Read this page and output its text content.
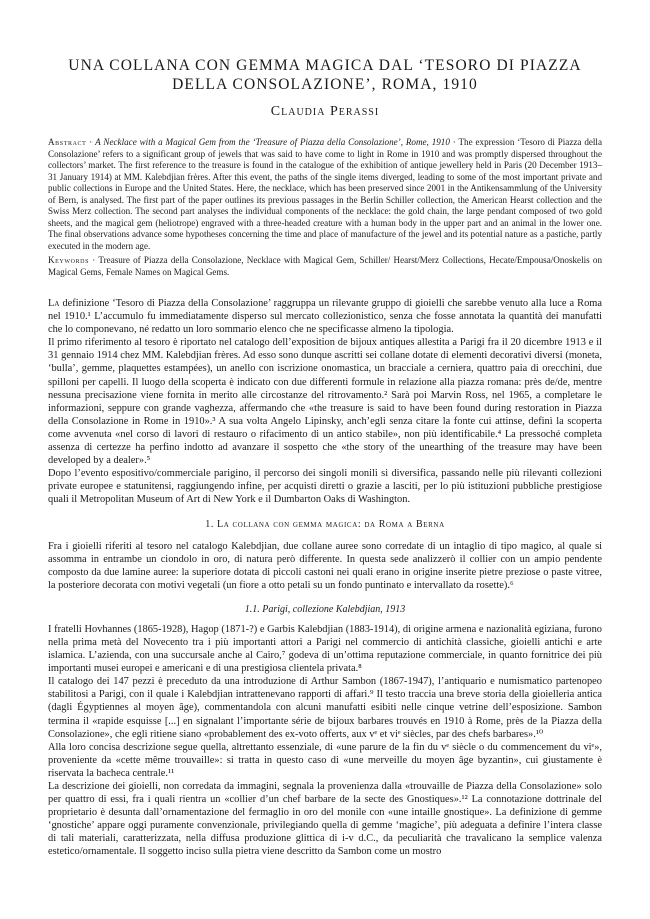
UNA COLLANA CON GEMMA MAGICA DAL ‘TESORO DI PIAZZA
DELLA CONSOLAZIONE’, ROMA, 1910
Claudia Perassi

Abstract · A Necklace with a Magical Gem from the ‘Treasure of Piazza della Consolazione’, Rome, 1910 · The expression ‘Tesoro di Piazza della Consolazione’ refers to a significant group of jewels that was said to have come to light in Rome in 1910 and was promptly dispersed throughout the collectors’ market. The first reference to the treasure is found in the catalogue of the exhibition of antique jewellery held in Paris (20 December 1913–31 January 1914) at MM. Kalebdjian frères. After this event, the paths of the single items diverged, leading to some of the most important private and public collections in Europe and the United States. Here, the necklace, which has been preserved since 2001 in the Antikensammlung of the University of Bern, is analysed. The first part of the paper outlines its previous passages in the Berlin Schiller collection, the American Hearst collection and the Swiss Merz collection. The second part analyses the individual components of the necklace: the gold chain, the large pendant composed of two gold sheets, and the magical gem (heliotrope) engraved with a three-headed creature with a human body in the upper part and an animal in the lower one. The final observations advance some hypotheses concerning the time and place of manufacture of the jewel and its potential nature as a pastiche, partly executed in the modern age.

Keywords · Treasure of Piazza della Consolazione, Necklace with Magical Gem, Schiller/ Hearst/Merz Collections, Hecate/Empousa/Onoskelis on Magical Gems, Female Names on Magical Gems.

La definizione ‘Tesoro di Piazza della Consolazione’ raggruppa un rilevante gruppo di gioielli che sarebbe venuto alla luce a Roma nel 1910.¹ L’accumulo fu immediatamente disperso sul mercato collezionistico, senza che fosse annotata la quantità dei manufatti che lo componevano, né redatto un loro sommario elenco che ne specificasse almeno la tipologia.

Il primo riferimento al tesoro è riportato nel catalogo dell’exposition de bijoux antiques allestita a Parigi fra il 20 dicembre 1913 e il 31 gennaio 1914 chez MM. Kalebdjian frères. Ad esso sono dunque ascritti sei collane dotate di elementi decorativi diversi (moneta, ‘bulla’, gemme, plaquettes estampées), un anello con iscrizione onomastica, un bracciale a cerniera, quattro paia di orecchini, due spilloni per capelli. Il luogo della scoperta è indicato con due differenti formule in relazione alla piazza romana: près de/de, mentre nessuna precisazione viene fornita in merito alle circostanze del ritrovamento.² Sarà poi Marvin Ross, nel 1965, a completare le informazioni, seppure con grande vaghezza, affermando che «the treasure is said to have been found during restoration in Piazza della Consolazione in Rome in 1910».³ A sua volta Angelo Lipinsky, anch’egli senza citare la fonte cui attinse, definì la scoperta come avvenuta «nel corso di lavori di restauro o rifacimento di un antico stabile», non più identificabile.⁴ La pressoché completa assenza di certezze ha perfino indotto ad avanzare il sospetto che «the story of the unearthing of the treasure may have been developed by a dealer».⁵

Dopo l’evento espositivo/commerciale parigino, il percorso dei singoli monili si diversifica, passando nelle più rilevanti collezioni private europee e statunitensi, raggiungendo infine, per acquisti diretti o grazie a lasciti, per lo più istituzioni pubbliche prestigiose quali il Metropolitan Museum of Art di New York e il Dumbarton Oaks di Washington.

1. La collana con gemma magica: da Roma a Berna

Fra i gioielli riferiti al tesoro nel catalogo Kalebdjian, due collane auree sono corredate di un intaglio di tipo magico, al quale si assomma in entrambe un ciondolo in oro, di natura però differente. In questa sede analizzerò il collier con un ampio pendente composto da due lamine auree: la superiore dotata di piccoli castoni nei quali erano in origine inserite pietre preziose o paste vitree, la posteriore decorata con motivi vegetali (un fiore a otto petali su un fondo puntinato e intervallato da rosette).⁶

1.1. Parigi, collezione Kalebdjian, 1913

I fratelli Hovhannes (1865-1928), Hagop (1871-?) e Garbis Kalebdjian (1883-1914), di origine armena e nazionalità egiziana, furono nella prima metà del Novecento tra i più importanti attori a Parigi nel commercio di antichità classiche, gioielli antichi e arte islamica. L’azienda, con una succursale anche al Cairo,⁷ godeva di un’ottima reputazione commerciale, in quanto fornitrice dei più importanti musei europei e americani e di una prestigiosa clientela privata.⁸

Il catalogo dei 147 pezzi è preceduto da una introduzione di Arthur Sambon (1867-1947), l’antiquario e numismatico partenopeo stabilitosi a Parigi, con il quale i Kalebdjian intrattenevano rapporti di affari.⁹ Il testo traccia una breve storia della gioielleria antica (dagli Égyptiennes al moyen âge), commentandola con alcuni manufatti esibiti nelle cinque vetrine dell’esposizione. Sambon termina il «rapide esquisse [...] en signalant l’importante série de bijoux barbares trouvés en 1910 à Rome, près de la Piazza della Consolazione», che egli ritiene siano «probablement des ex-voto offerts, aux vᵉ et viᵉ siècles, par des chefs barbares».¹⁰

Alla loro concisa descrizione segue quella, altrettanto essenziale, di «une parure de la fin du vᵉ siècle o du commencement du viᵉ», proveniente da «cette même trouvaille»: si tratta in questo caso di «une merveille du moyen âge byzantin», cui giustamente è riservata la bacheca centrale.¹¹

La descrizione dei gioielli, non corredata da immagini, segnala la provenienza dalla «trouvaille de Piazza della Consolazione» solo per quattro di essi, fra i quali rientra un «collier d’un chef barbare de la secte des Gnostiques».¹² La connotazione dottrinale del proprietario è desunta dall’ornamentazione del fermaglio in oro del monile con «une intaille gnostique». La definizione di gemme ‘gnostiche’ appare oggi puramente convenzionale, privilegiando quella di gemme ‘magiche’, più adeguata a definire l’intera classe di tali materiali, caratterizzata, nella diffusa produzione glittica di i-v d.C., da peculiarità che travalicano la semplice valenza estetico/ornamentale. Il soggetto inciso sulla pietra viene descritto da Sambon come un mostro
